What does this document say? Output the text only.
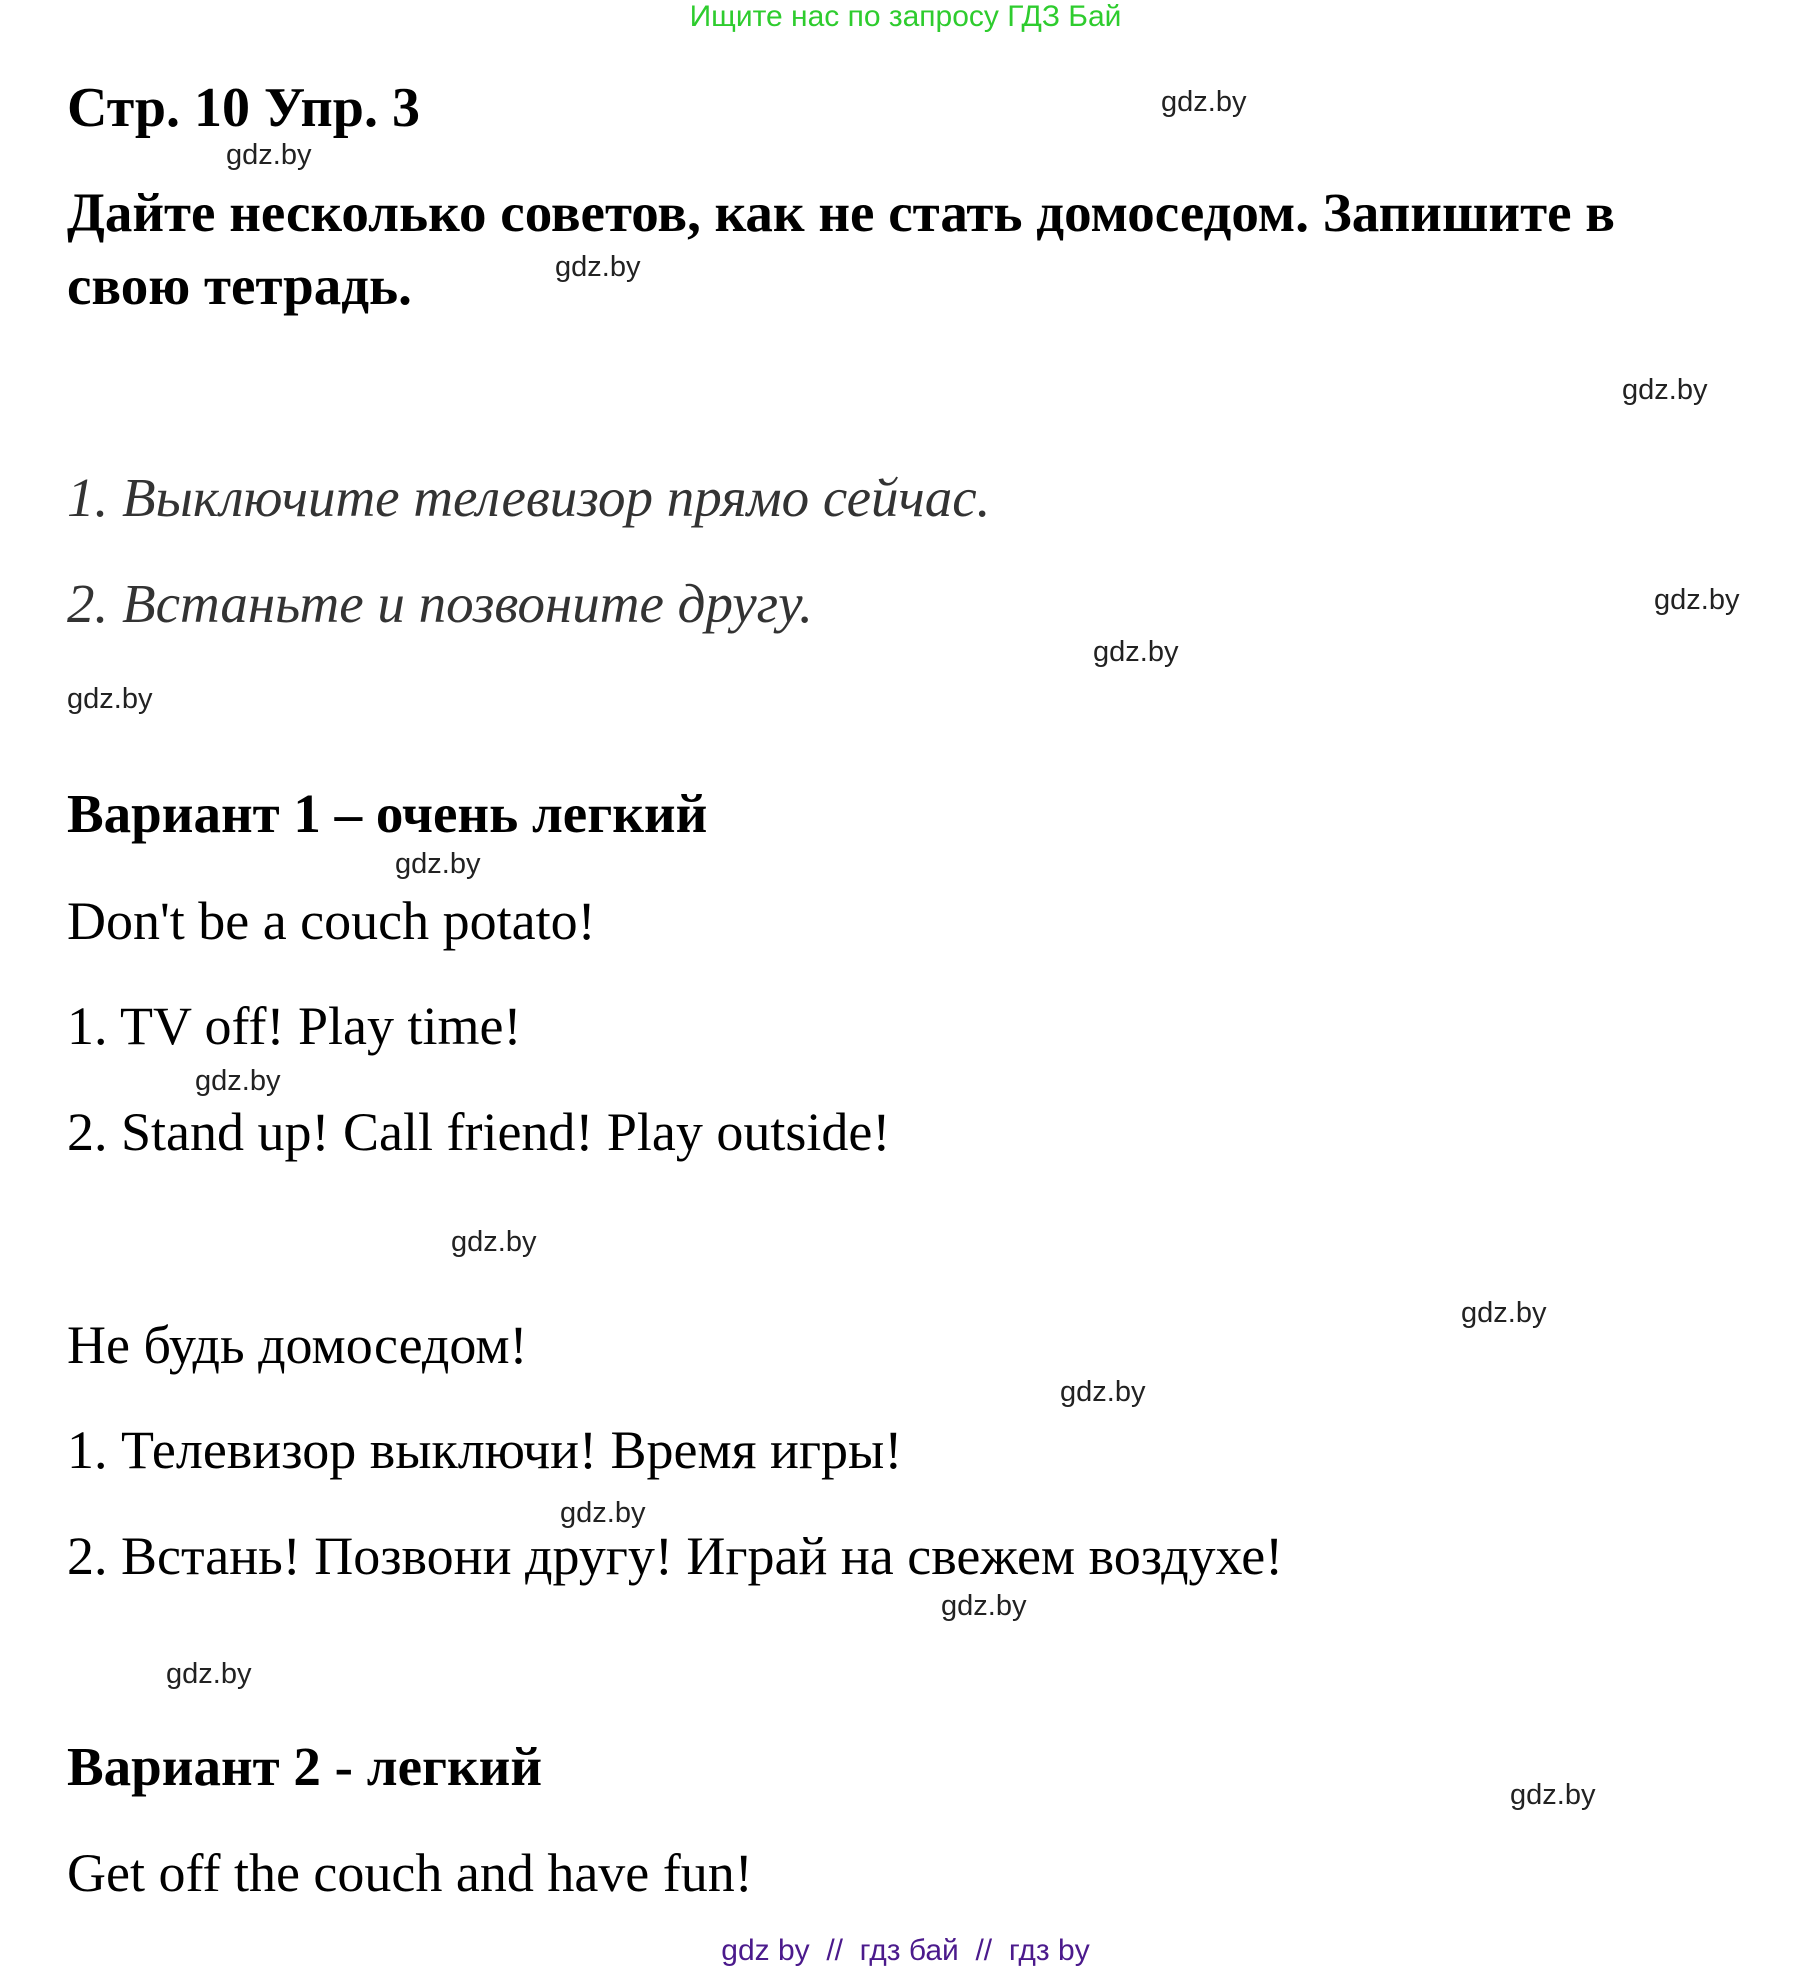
Ищите нас по запросу ГДЗ Бай
Стр. 10 Упр. 3
Дайте несколько советов, как не стать домоседом. Запишите в
свою тетрадь.
1. Выключите телевизор прямо сейчас.
2. Встаньте и позвоните другу.
Вариант 1 – очень легкий
Don't be a couch potato!
1. TV off! Play time!
2. Stand up! Call friend! Play outside!
Не будь домоседом!
1. Телевизор выключи! Время игры!
2. Встань! Позвони другу! Играй на свежем воздухе!
Вариант 2 - легкий
Get off the couch and have fun!
gdz.by
gdz.by
gdz.by
gdz.by
gdz.by
gdz.by
gdz.by
gdz.by
gdz.by
gdz.by
gdz.by
gdz.by
gdz.by
gdz.by
gdz.by
gdz.by
gdz by  //  гдз бай  //  гдз by
